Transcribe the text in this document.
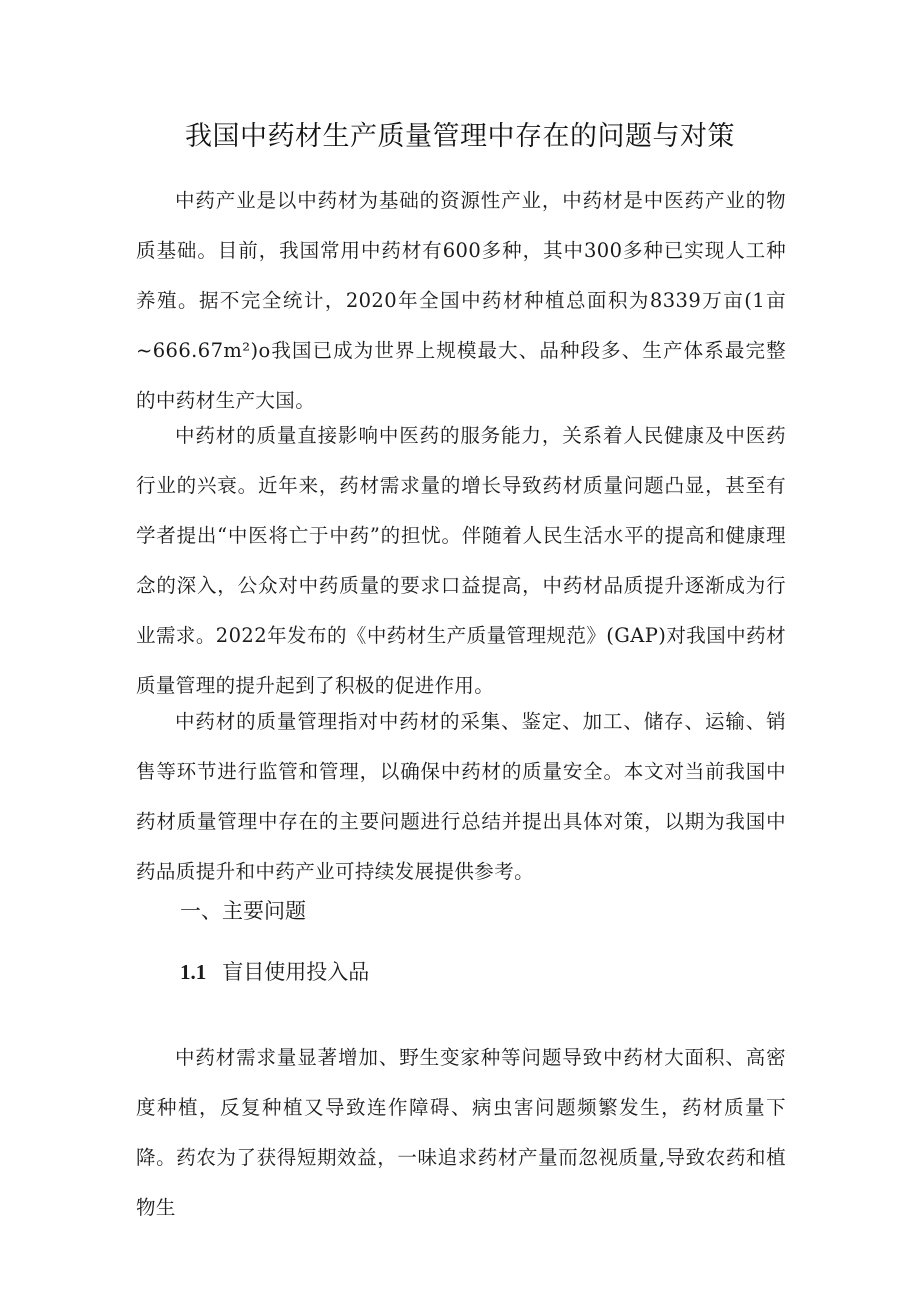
我国中药材生产质量管理中存在的问题与对策

中药产业是以中药材为基础的资源性产业，中药材是中医药产业的物质基础。目前，我国常用中药材有600多种，其中300多种已实现人工种养殖。据不完全统计，2020年全国中药材种植总面积为8339万亩(1亩~666.67m²)o我国已成为世界上规模最大、品种段多、生产体系最完整的中药材生产大国。

中药材的质量直接影响中医药的服务能力，关系着人民健康及中医药行业的兴衰。近年来，药材需求量的增长导致药材质量问题凸显，甚至有学者提出“中医将亡于中药”的担忧。伴随着人民生活水平的提高和健康理念的深入，公众对中药质量的要求口益提高，中药材品质提升逐渐成为行业需求。2022年发布的《中药材生产质量管理规范》(GAP)对我国中药材质量管理的提升起到了积极的促进作用。

中药材的质量管理指对中药材的采集、鉴定、加工、储存、运输、销售等环节进行监管和管理，以确保中药材的质量安全。本文对当前我国中药材质量管理中存在的主要问题进行总结并提出具体对策，以期为我国中药品质提升和中药产业可持续发展提供参考。

一、主要问题
1.1 盲目使用投入品

中药材需求量显著增加、野生变家种等问题导致中药材大面积、高密度种植，反复种植又导致连作障碍、病虫害问题频繁发生，药材质量下降。药农为了获得短期效益，一味追求药材产量而忽视质量,导致农药和植物生
